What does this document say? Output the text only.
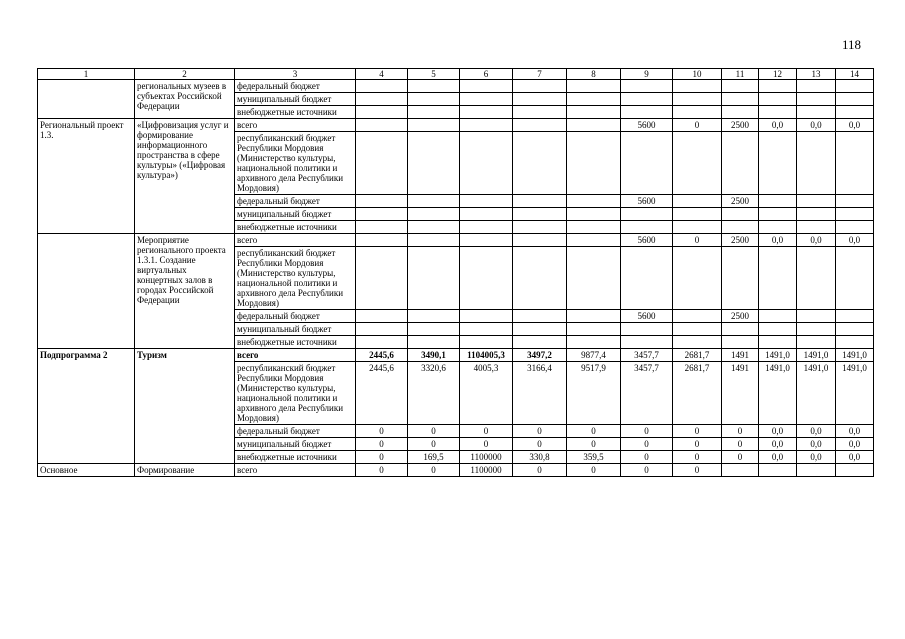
118
1	2	3	4	5	6	7	8	9	10	11	12	13	14
	региональных музеев в субъектах Российской Федерации	федеральный бюджет											
		муниципальный бюджет											
		внебюджетные источники											
Региональный проект 1.3.	«Цифровизация услуг и формирование информационного пространства в сфере культуры» («Цифровая культура»)	всего						5600	0	2500	0,0	0,0	0,0
		республиканский бюджет Республики Мордовия (Министерство культуры, национальной политики и архивного дела Республики Мордовия)											
		федеральный бюджет						5600		2500			
		муниципальный бюджет											
		внебюджетные источники											
	Мероприятие регионального проекта 1.3.1. Создание виртуальных концертных залов в городах Российской Федерации	всего						5600	0	2500	0,0	0,0	0,0
		республиканский бюджет Республики Мордовия (Министерство культуры, национальной политики и архивного дела Республики Мордовия)											
		федеральный бюджет						5600		2500			
		муниципальный бюджет											
		внебюджетные источники											
Подпрограмма 2	Туризм	всего	2445,6	3490,1	1104005,3	3497,2	9877,4	3457,7	2681,7	1491	1491,0	1491,0	1491,0
		республиканский бюджет Республики Мордовия (Министерство культуры, национальной политики и архивного дела Республики Мордовия)	2445,6	3320,6	4005,3	3166,4	9517,9	3457,7	2681,7	1491	1491,0	1491,0	1491,0
		федеральный бюджет	0	0	0	0	0	0	0	0	0,0	0,0	0,0
		муниципальный бюджет	0	0	0	0	0	0	0	0	0,0	0,0	0,0
		внебюджетные источники	0	169,5	1100000	330,8	359,5	0	0	0	0,0	0,0	0,0
Основное	Формирование	всего	0	0	1100000	0	0	0	0				
